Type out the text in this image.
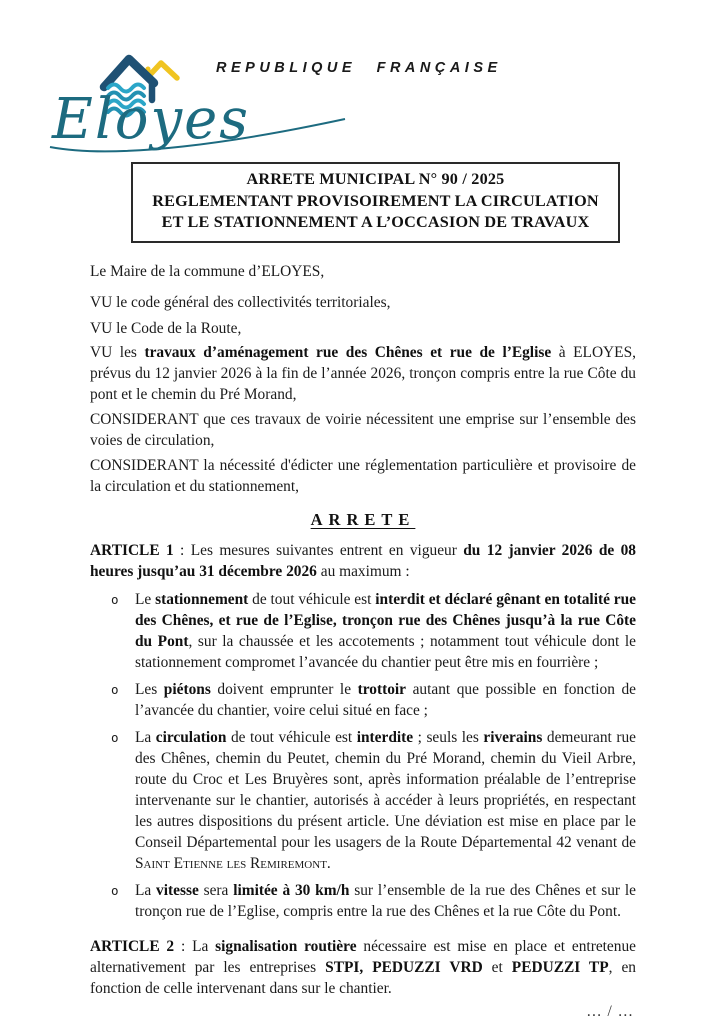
Eloyes
REPUBLIQUE FRANÇAISE
ARRETE MUNICIPAL N° 90 / 2025
REGLEMENTANT PROVISOIREMENT LA CIRCULATION
ET LE STATIONNEMENT A L’OCCASION DE TRAVAUX

Le Maire de la commune d’ELOYES,

VU le code général des collectivités territoriales,

VU le Code de la Route,

VU les travaux d’aménagement rue des Chênes et rue de l’Eglise à ELOYES, prévus du 12 janvier 2026 à la fin de l’année 2026, tronçon compris entre la rue Côte du pont et le chemin du Pré Morand,

CONSIDERANT que ces travaux de voirie nécessitent une emprise sur l’ensemble des voies de circulation,

CONSIDERANT la nécessité d'édicter une réglementation particulière et provisoire de la circulation et du stationnement,

ARRETE

ARTICLE 1 : Les mesures suivantes entrent en vigueur du 12 janvier 2026 de 08 heures jusqu’au 31 décembre 2026 au maximum :

o	Le stationnement de tout véhicule est interdit et déclaré gênant en totalité rue des Chênes, et rue de l’Eglise, tronçon rue des Chênes jusqu’à la rue Côte du Pont, sur la chaussée et les accotements ; notamment tout véhicule dont le stationnement compromet l’avancée du chantier peut être mis en fourrière ;
o	Les piétons doivent emprunter le trottoir autant que possible en fonction de l’avancée du chantier, voire celui situé en face ;
o	La circulation de tout véhicule est interdite ; seuls les riverains demeurant rue des Chênes, chemin du Peutet, chemin du Pré Morand, chemin du Vieil Arbre, route du Croc et Les Bruyères sont, après information préalable de l’entreprise intervenante sur le chantier, autorisés à accéder à leurs propriétés, en respectant les autres dispositions du présent article. Une déviation est mise en place par le Conseil Départemental pour les usagers de la Route Départemental 42 venant de Saint Etienne les Remiremont.
o	La vitesse sera limitée à 30 km/h sur l’ensemble de la rue des Chênes et sur le tronçon rue de l’Eglise, compris entre la rue des Chênes et la rue Côte du Pont.

ARTICLE 2 : La signalisation routière nécessaire est mise en place et entretenue alternativement par les entreprises STPI, PEDUZZI VRD et PEDUZZI TP, en fonction de celle intervenant dans sur le chantier.

… / …
